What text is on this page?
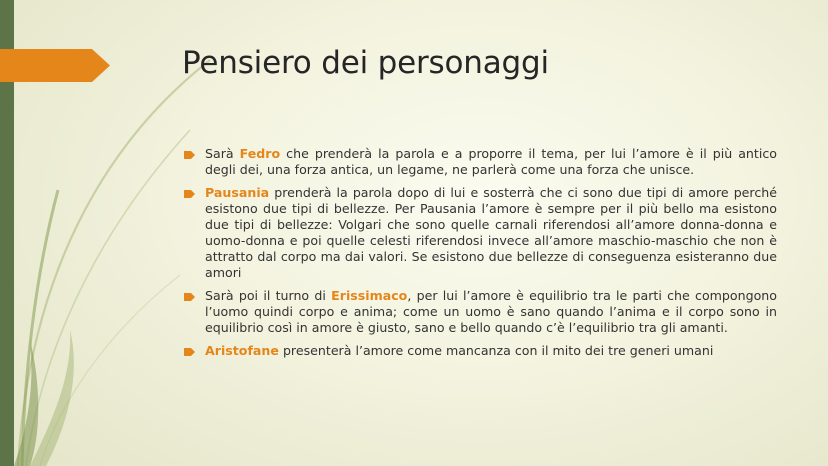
Pensiero dei personaggi
Sarà Fedro che prenderà la parola e a proporre il tema, per lui l’amore è il più antico degli dei, una forza antica, un legame, ne parlerà come una forza che unisce.
Pausania prenderà la parola dopo di lui e sosterrà che ci sono due tipi di amore perché esistono due tipi di bellezze. Per Pausania l’amore è sempre per il più bello ma esistono due tipi di bellezze: Volgari che sono quelle carnali riferendosi all’amore donna-donna e uomo-donna e poi quelle celesti riferendosi invece all’amore maschio-maschio che non è attratto dal corpo ma dai valori. Se esistono due bellezze di conseguenza esisteranno due amori
Sarà poi il turno di Erissimaco, per lui l’amore è equilibrio tra le parti che compongono l’uomo quindi corpo e anima; come un uomo è sano quando l’anima e il corpo sono in equilibrio così in amore è giusto, sano e bello quando c’è l’equilibrio tra gli amanti.
Aristofane presenterà l’amore come mancanza con il mito dei tre generi umani
